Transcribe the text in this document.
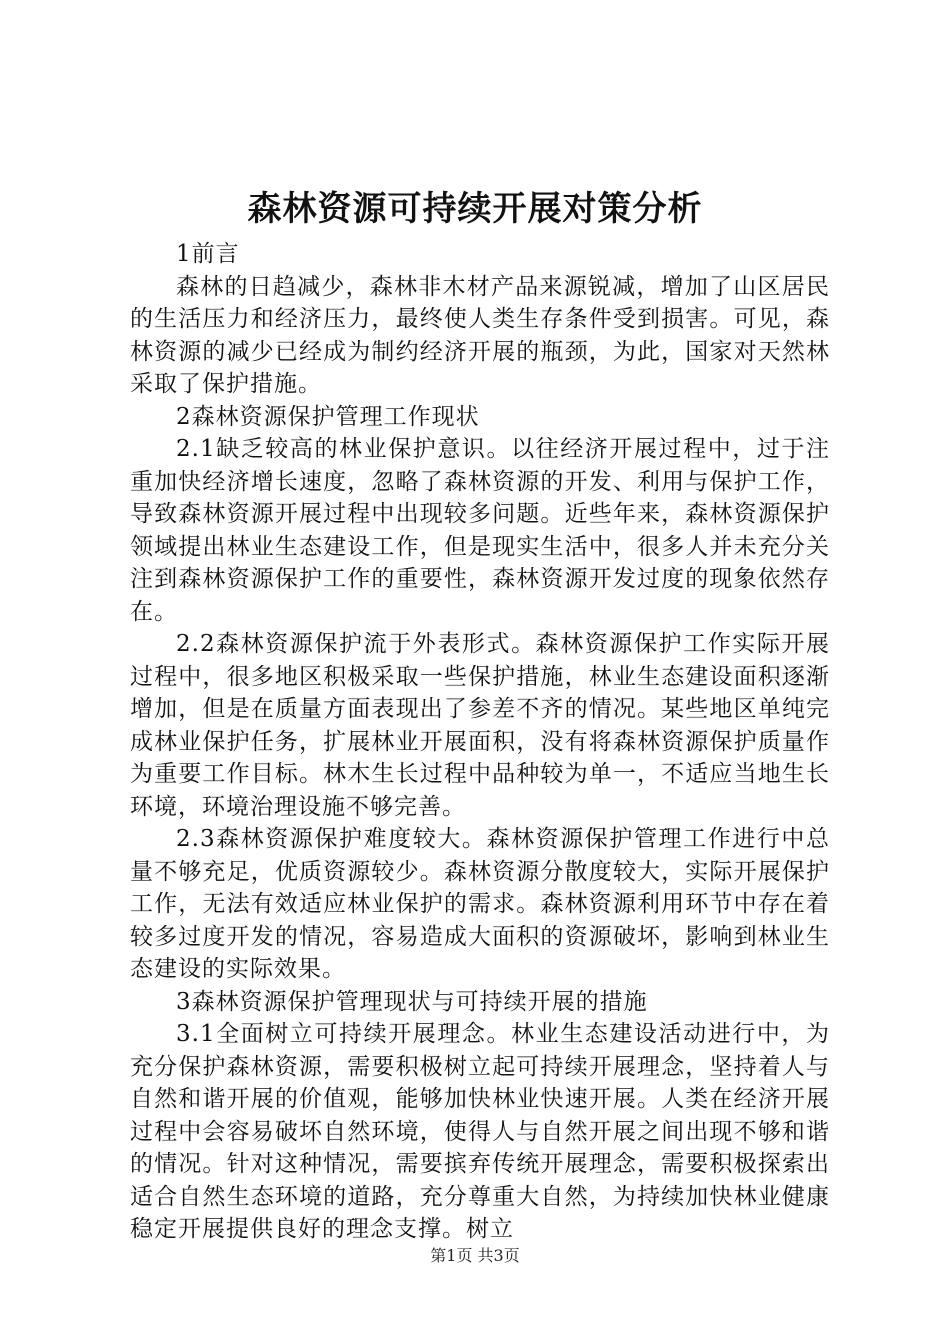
森林资源可持续开展对策分析

1前言

森林的日趋减少，森林非木材产品来源锐减，增加了山区居民的生活压力和经济压力，最终使人类生存条件受到损害。可见，森林资源的减少已经成为制约经济开展的瓶颈，为此，国家对天然林采取了保护措施。

2森林资源保护管理工作现状

2.1缺乏较高的林业保护意识。以往经济开展过程中，过于注重加快经济增长速度，忽略了森林资源的开发、利用与保护工作，导致森林资源开展过程中出现较多问题。近些年来，森林资源保护领域提出林业生态建设工作，但是现实生活中，很多人并未充分关注到森林资源保护工作的重要性，森林资源开发过度的现象依然存在。

2.2森林资源保护流于外表形式。森林资源保护工作实际开展过程中，很多地区积极采取一些保护措施，林业生态建设面积逐渐增加，但是在质量方面表现出了参差不齐的情况。某些地区单纯完成林业保护任务，扩展林业开展面积，没有将森林资源保护质量作为重要工作目标。林木生长过程中品种较为单一，不适应当地生长环境，环境治理设施不够完善。

2.3森林资源保护难度较大。森林资源保护管理工作进行中总量不够充足，优质资源较少。森林资源分散度较大，实际开展保护工作，无法有效适应林业保护的需求。森林资源利用环节中存在着较多过度开发的情况，容易造成大面积的资源破坏，影响到林业生态建设的实际效果。

3森林资源保护管理现状与可持续开展的措施

3.1全面树立可持续开展理念。林业生态建设活动进行中，为充分保护森林资源，需要积极树立起可持续开展理念，坚持着人与自然和谐开展的价值观，能够加快林业快速开展。人类在经济开展过程中会容易破坏自然环境，使得人与自然开展之间出现不够和谐的情况。针对这种情况，需要摈弃传统开展理念，需要积极探索出适合自然生态环境的道路，充分尊重大自然，为持续加快林业健康稳定开展提供良好的理念支撑。树立

第1页 共3页
